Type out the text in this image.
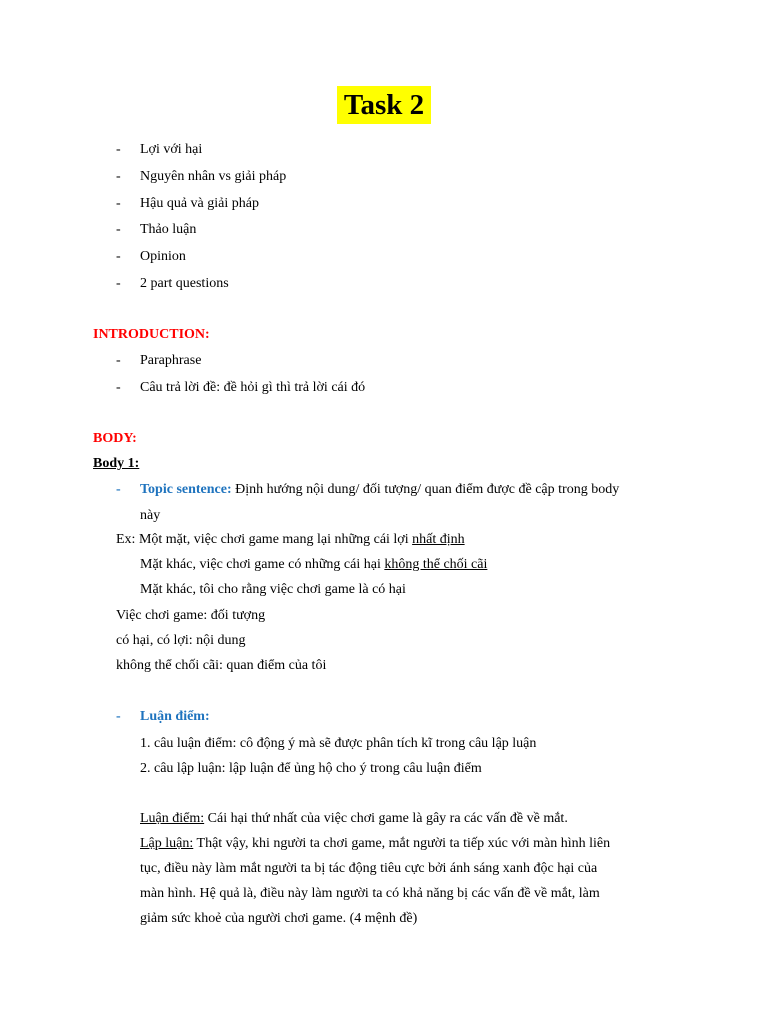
Task 2
- Lợi với hại
- Nguyên nhân vs giải pháp
- Hậu quả và giải pháp
- Thảo luận
- Opinion
- 2 part questions
INTRODUCTION:
- Paraphrase
- Câu trả lời đề: đề hỏi gì thì trả lời cái đó
BODY:
Body 1:
- Topic sentence: Định hướng nội dung/ đối tượng/ quan điểm được đề cập trong body
này
Ex: Một mặt, việc chơi game mang lại những cái lợi nhất định
Mặt khác, việc chơi game có những cái hại không thể chối cãi
Mặt khác, tôi cho rằng việc chơi game là có hại
Việc chơi game: đối tượng
có hại, có lợi: nội dung
không thể chối cãi: quan điểm của tôi
- Luận điểm:
1. câu luận điểm: cô động ý mà sẽ được phân tích kĩ trong câu lập luận
2. câu lập luận: lập luận để ủng hộ cho ý trong câu luận điểm
Luận điểm: Cái hại thứ nhất của việc chơi game là gây ra các vấn đề về mắt.
Lập luận: Thật vậy, khi người ta chơi game, mắt người ta tiếp xúc với màn hình liên
tục, điều này làm mắt người ta bị tác động tiêu cực bởi ánh sáng xanh độc hại của
màn hình. Hệ quả là, điều này làm người ta có khả năng bị các vấn đề về mắt, làm
giảm sức khoẻ của người chơi game. (4 mệnh đề)
